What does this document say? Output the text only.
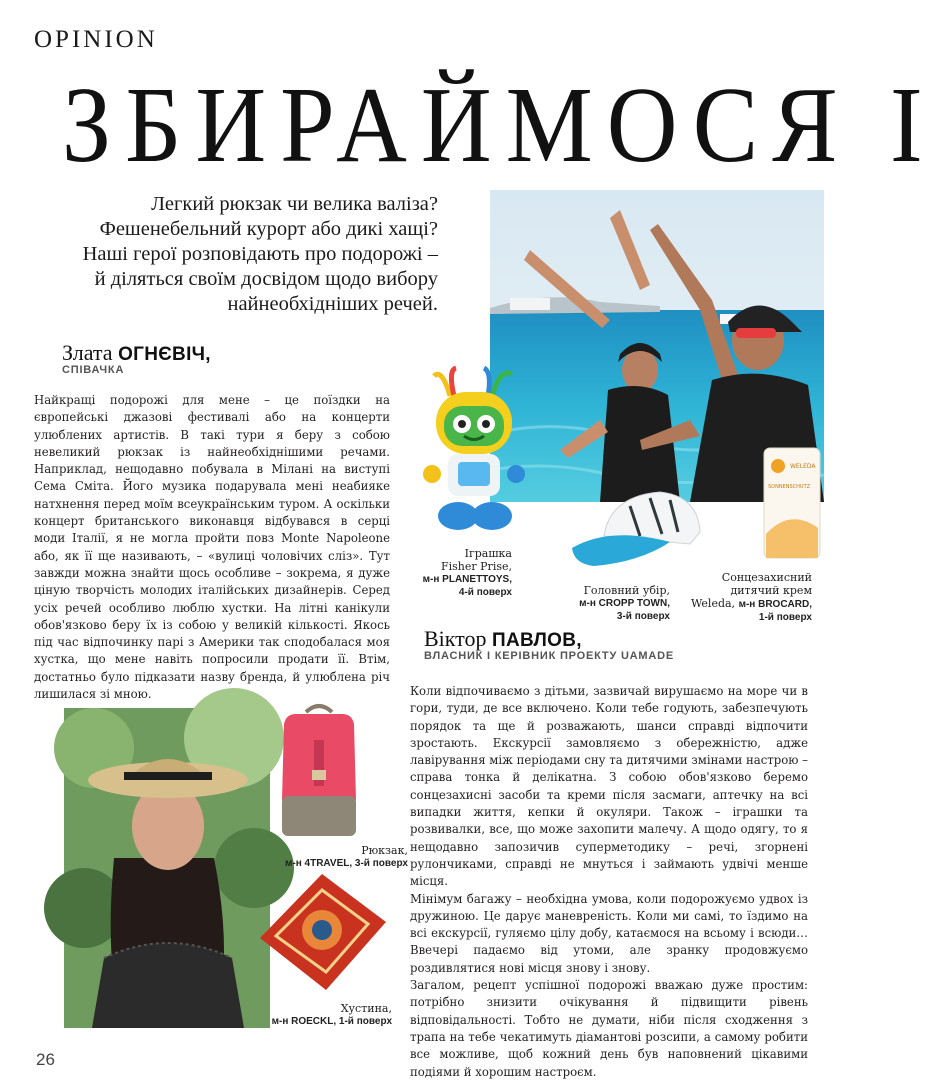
OPINION
ЗБИРАЙМОСЯ І
Легкий рюкзак чи велика валіза?
Фешенебельний курорт або дикі хащі?
Наші герої розповідають про подорожі –
й діляться своїм досвідом щодо вибору
найнеобхідніших речей.
WELEDA
SONNENSCHUTZ
Злата ОГНЄВІЧ,
СПІВАЧКА

Найкращі подорожі для мене – це поїздки на європейські джазові фестивалі або на концерти улюблених артистів. В такі тури я беру з собою невеликий рюкзак із найнеобхіднішими речами. Наприклад, нещодавно побувала в Мілані на виступі Сема Сміта. Його музика подарувала мені неабияке натхнення перед моїм всеукраїнським туром. А оскільки концерт британського виконавця відбувався в серці моди Італії, я не могла пройти повз Monte Napoleone або, як її ще називають, – «вулиці чоловічих сліз». Тут завжди можна знайти щось особливе – зокрема, я дуже ціную творчість молодих італійських дизайнерів. Серед усіх речей особливо люблю хустки. На літні канікули обов'язково беру їх із собою у великій кількості. Якось під час відпочинку парі з Америки так сподобалася моя хустка, що мене навіть попросили продати її. Втім, достатньо було підказати назву бренда, й улюблена річ лишилася зі мною.

Віктор ПАВЛОВ,
ВЛАСНИК І КЕРІВНИК ПРОЕКТУ UAMADE

Коли відпочиваємо з дітьми, зазвичай вирушаємо на море чи в гори, туди, де все включено. Коли тебе годують, забезпечують порядок та ще й розважають, шанси справді відпочити зростають. Екскурсії замовляємо з обережністю, адже лавірування між періодами сну та дитячими змінами настрою – справа тонка й делікатна. З собою обов'язково беремо сонцезахисні засоби та креми після засмаги, аптечку на всі випадки життя, кепки й окуляри. Також – іграшки та розвивалки, все, що може захопити малечу. А щодо одягу, то я нещодавно запозичив суперметодику – речі, згорнені рулончиками, справді не мнуться і займають удвічі менше місця.

Мінімум багажу – необхідна умова, коли подорожуємо удвох із дружиною. Це дарує маневреність. Коли ми самі, то їздимо на всі екскурсії, гуляємо цілу добу, катаємося на всьому і всюди… Ввечері падаємо від утоми, але зранку продовжуємо роздивлятися нові місця знову і знову.

Загалом, рецепт успішної подорожі вважаю дуже простим: потрібно знизити очікування й підвищити рівень відповідальності. Тобто не думати, ніби після сходження з трапа на тебе чекатимуть діамантові розсипи, а самому робити все можливе, щоб кожний день був наповнений цікавими подіями й хорошим настроєм.

Іграшка
Fisher Prise,
м-н PLANETTOYS,
4-й поверх	Головний убір,
м-н CROPP TOWN,
3-й поверх
Сонцезахисний
дитячий крем
Weleda, м-н BROCARD,
1-й поверх
Рюкзак,
м-н 4TRAVEL, 3-й поверх
Хустина,
м-н ROECKL, 1-й поверх
26
